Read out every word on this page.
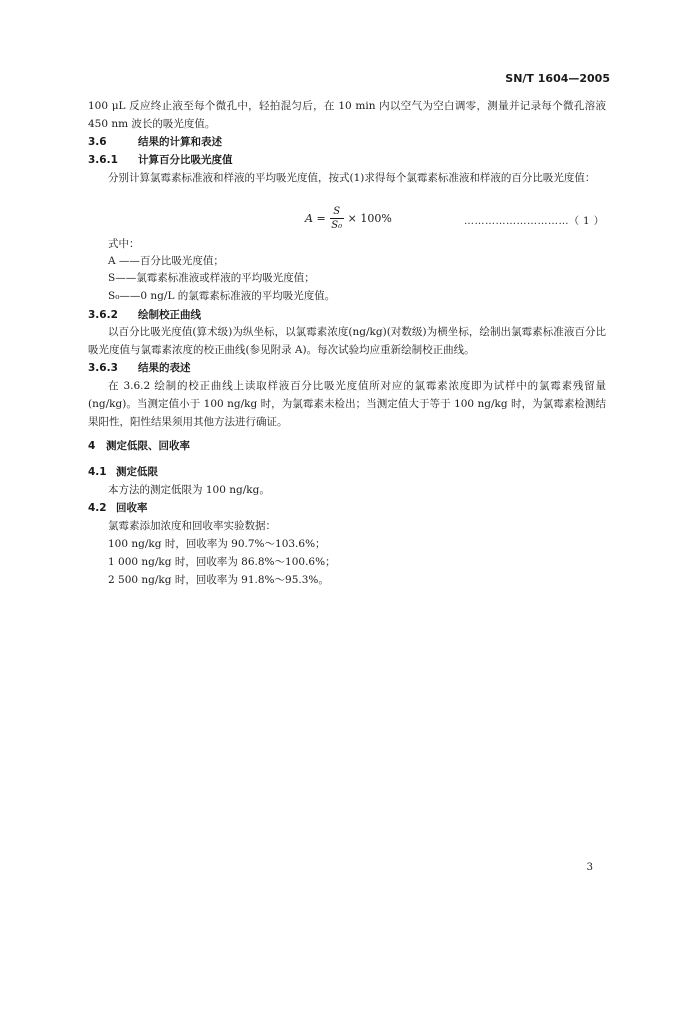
SN/T 1604—2005
100 μL 反应终止液至每个微孔中，轻拍混匀后，在 10 min 内以空气为空白调零，测量并记录每个微孔溶液 450 nm 波长的吸光度值。
3.6	结果的计算和表述
3.6.1 计算百分比吸光度值
分别计算氯霉素标准液和样液的平均吸光度值，按式(1)求得每个氯霉素标准液和样液的百分比吸光度值：
$A = \frac{S}{\text{S₀}} \times 100\%$	…………………………（ 1 ）
式中：
A ——百分比吸光度值；
S——氯霉素标准液或样液的平均吸光度值；
S₀——0 ng/L 的氯霉素标准液的平均吸光度值。
3.6.2 绘制校正曲线
以百分比吸光度值(算术级)为纵坐标，以氯霉素浓度(ng/kg)(对数级)为横坐标，绘制出氯霉素标准液百分比吸光度值与氯霉素浓度的校正曲线(参见附录 A)。每次试验均应重新绘制校正曲线。
3.6.3 结果的表述
在 3.6.2 绘制的校正曲线上读取样液百分比吸光度值所对应的氯霉素浓度即为试样中的氯霉素残留量(ng/kg)。当测定值小于 100 ng/kg 时，为氯霉素未检出；当测定值大于等于 100 ng/kg 时，为氯霉素检测结果阳性，阳性结果须用其他方法进行确证。
4 测定低限、回收率
4.1 测定低限
本方法的测定低限为 100 ng/kg。
4.2 回收率
氯霉素添加浓度和回收率实验数据：
100 ng/kg 时，回收率为 90.7%～103.6%；
1 000 ng/kg 时，回收率为 86.8%～100.6%；
2 500 ng/kg 时，回收率为 91.8%～95.3%。
3
